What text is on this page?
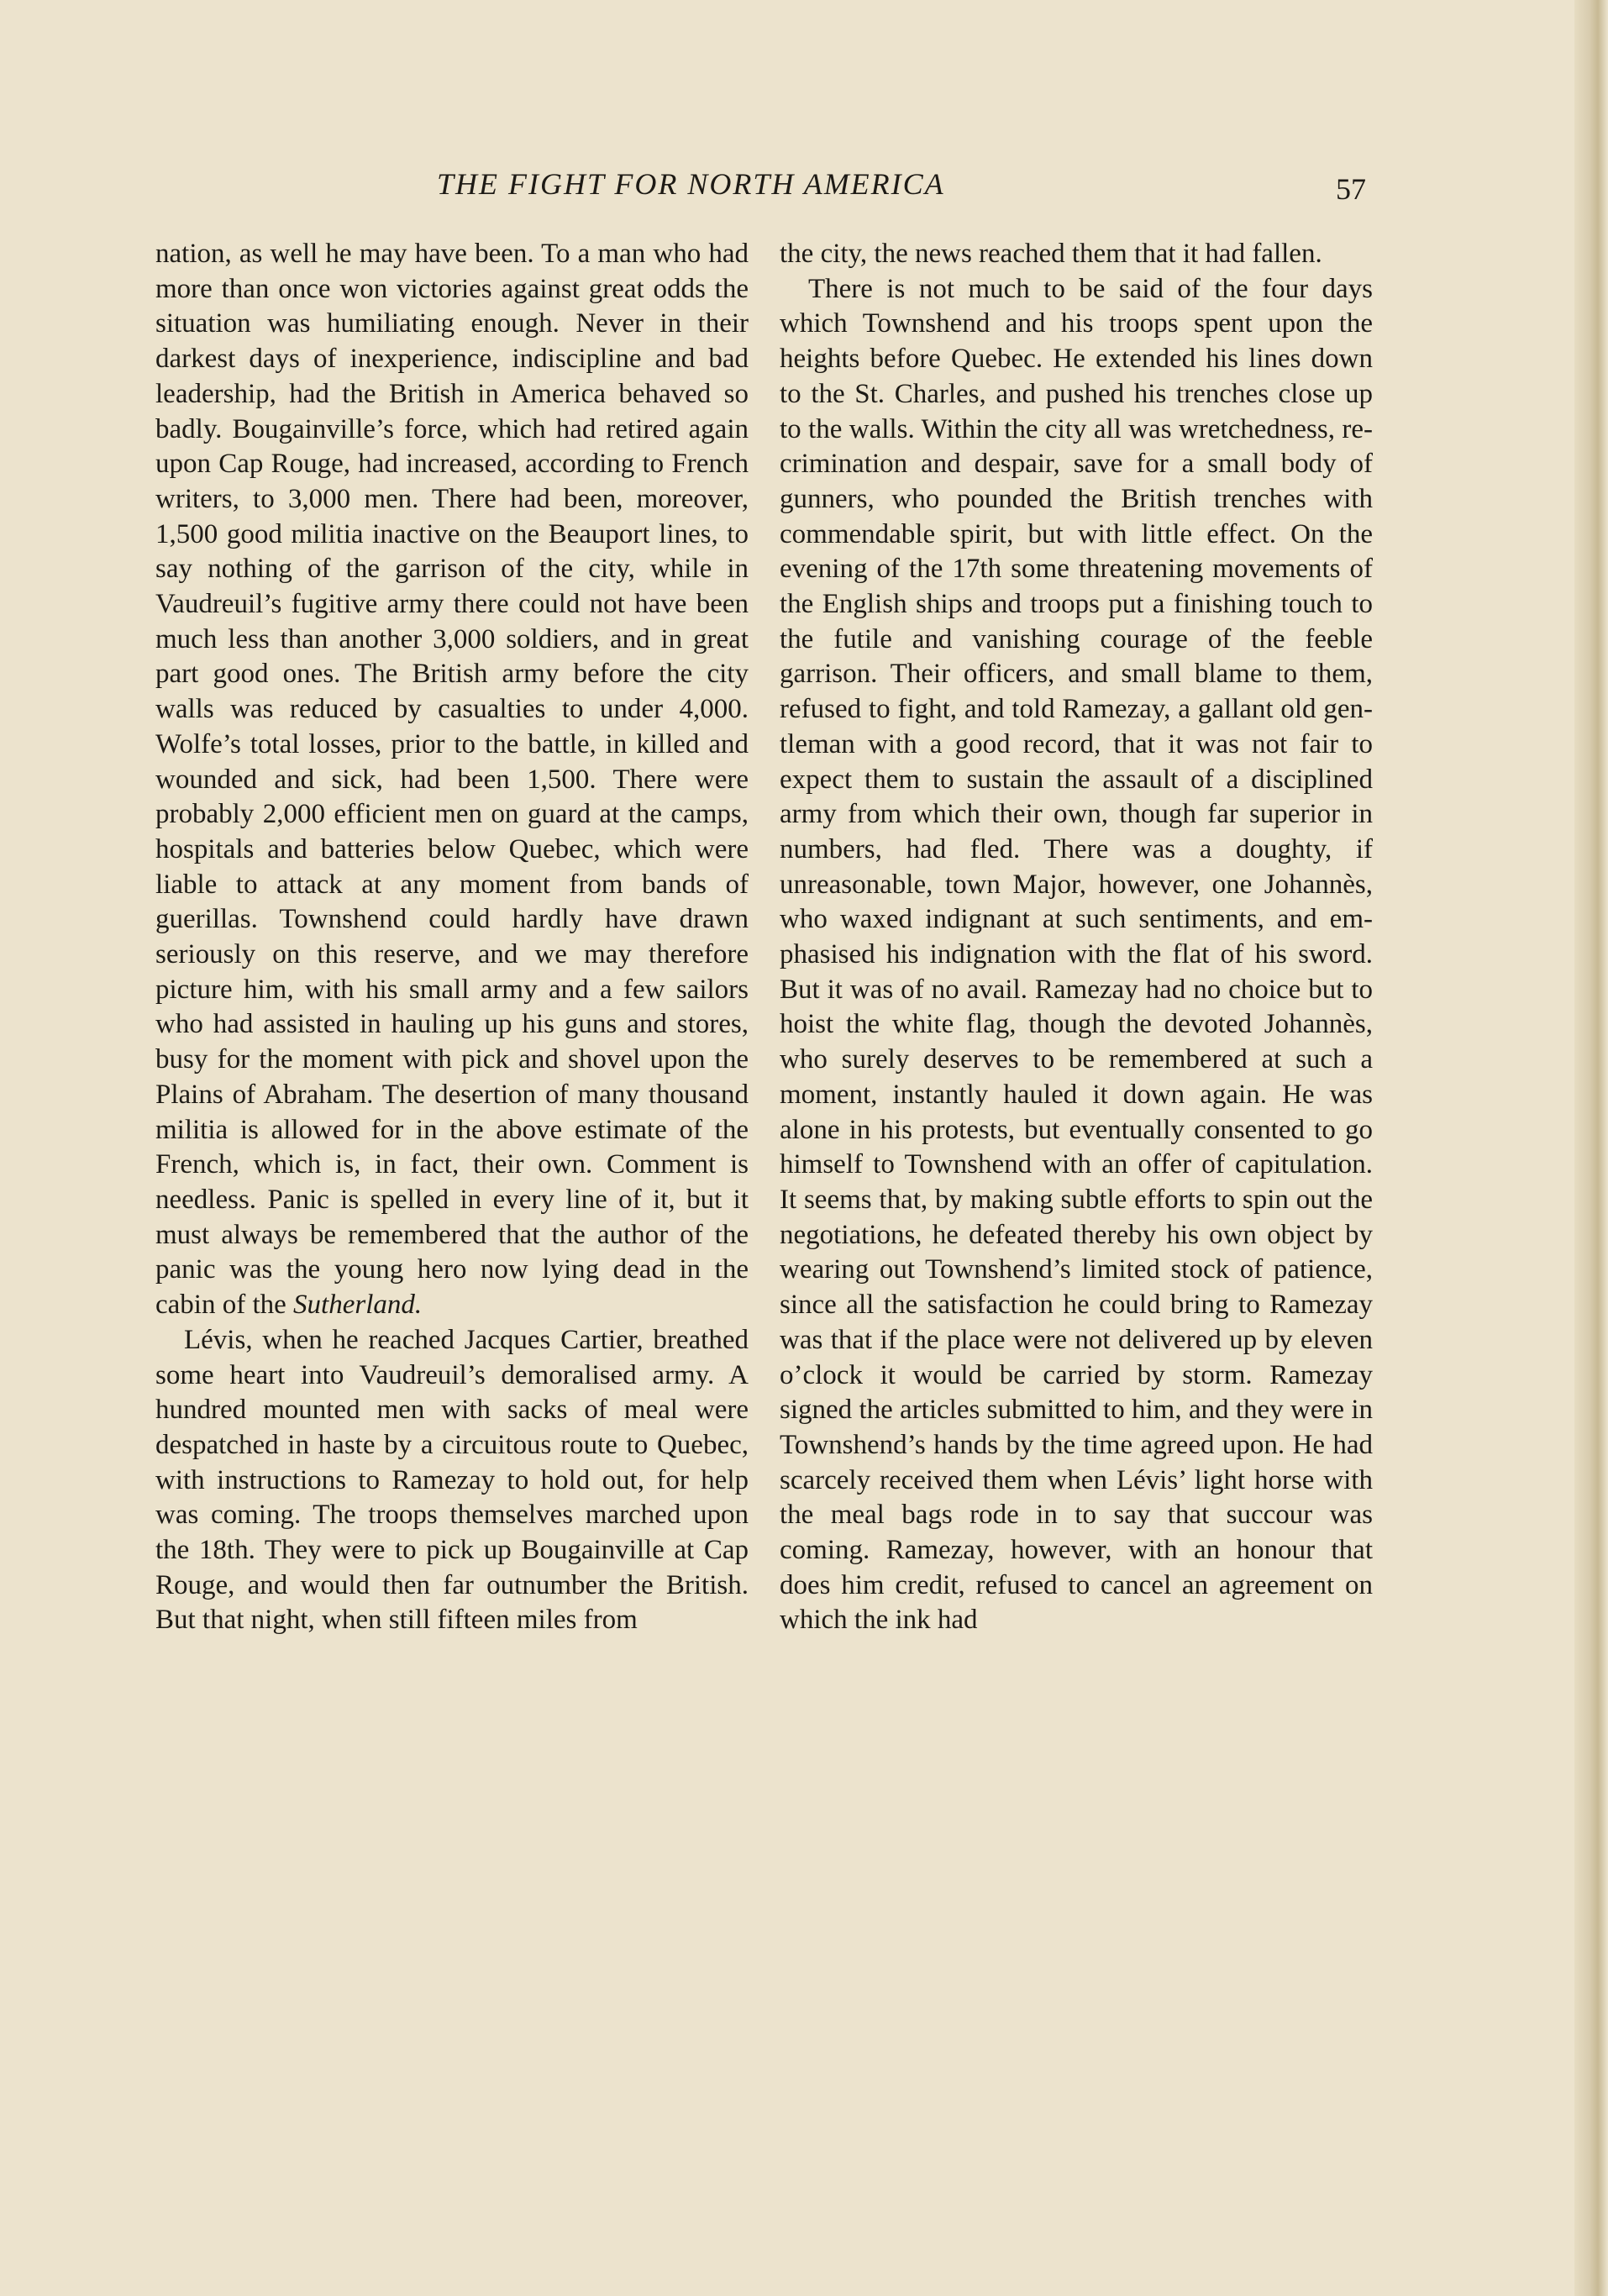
THE FIGHT FOR NORTH AMERICA	57

nation, as well he may have been. To a man who had more than once won victories against great odds the situation was humiliating enough. Never in their darkest days of inexperience, indiscipline and bad leadership, had the British in America behaved so badly. Bougainville’s force, which had retired again upon Cap Rouge, had increased, according to French writers, to 3,000 men. There had been, moreover, 1,500 good militia inactive on the Beauport lines, to say nothing of the garrison of the city, while in Vaudreuil’s fugitive army there could not have been much less than another 3,000 soldiers, and in great part good ones. The British army before the city walls was reduced by casualties to under 4,000. Wolfe’s total losses, prior to the battle, in killed and wounded and sick, had been 1,500. There were probably 2,000 efficient men on guard at the camps, hospitals and batteries below Quebec, which were liable to attack at any moment from bands of guerillas. Townshend could hardly have drawn seriously on this reserve, and we may therefore picture him, with his small army and a few sailors who had assisted in hauling up his guns and stores, busy for the moment with pick and shovel upon the Plains of Abraham. The desertion of many thousand militia is allowed for in the above estimate of the French, which is, in fact, their own. Comment is needless. Panic is spelled in every line of it, but it must always be remembered that the author of the panic was the young hero now lying dead in the cabin of the Sutherland.

Lévis, when he reached Jacques Cartier, breathed some heart into Vaudreuil’s demoralised army. A hundred mounted men with sacks of meal were despatched in haste by a circuitous route to Quebec, with instructions to Ramezay to hold out, for help was coming. The troops themselves marched upon the 18th. They were to pick up Bougainville at Cap Rouge, and would then far outnumber the British. But that night, when still fifteen miles from

the city, the news reached them that it had fallen.

There is not much to be said of the four days which Townshend and his troops spent upon the heights before Quebec. He extended his lines down to the St. Charles, and pushed his trenches close up to the walls. Within the city all was wretchedness, recrimination and despair, save for a small body of gunners, who pounded the British trenches with commendable spirit, but with little effect. On the evening of the 17th some threatening movements of the English ships and troops put a finishing touch to the futile and vanishing courage of the feeble garrison. Their officers, and small blame to them, refused to fight, and told Ramezay, a gallant old gentleman with a good record, that it was not fair to expect them to sustain the assault of a disciplined army from which their own, though far superior in numbers, had fled. There was a doughty, if unreasonable, town Major, however, one Johannès, who waxed indignant at such sentiments, and emphasised his indignation with the flat of his sword. But it was of no avail. Ramezay had no choice but to hoist the white flag, though the devoted Johannès, who surely deserves to be remembered at such a moment, instantly hauled it down again. He was alone in his protests, but eventually consented to go himself to Townshend with an offer of capitulation. It seems that, by making subtle efforts to spin out the negotiations, he defeated thereby his own object by wearing out Townshend’s limited stock of patience, since all the satisfaction he could bring to Ramezay was that if the place were not delivered up by eleven o’clock it would be carried by storm. Ramezay signed the articles submitted to him, and they were in Townshend’s hands by the time agreed upon. He had scarcely received them when Lévis’ light horse with the meal bags rode in to say that succour was coming. Ramezay, however, with an honour that does him credit, refused to cancel an agreement on which the ink had
